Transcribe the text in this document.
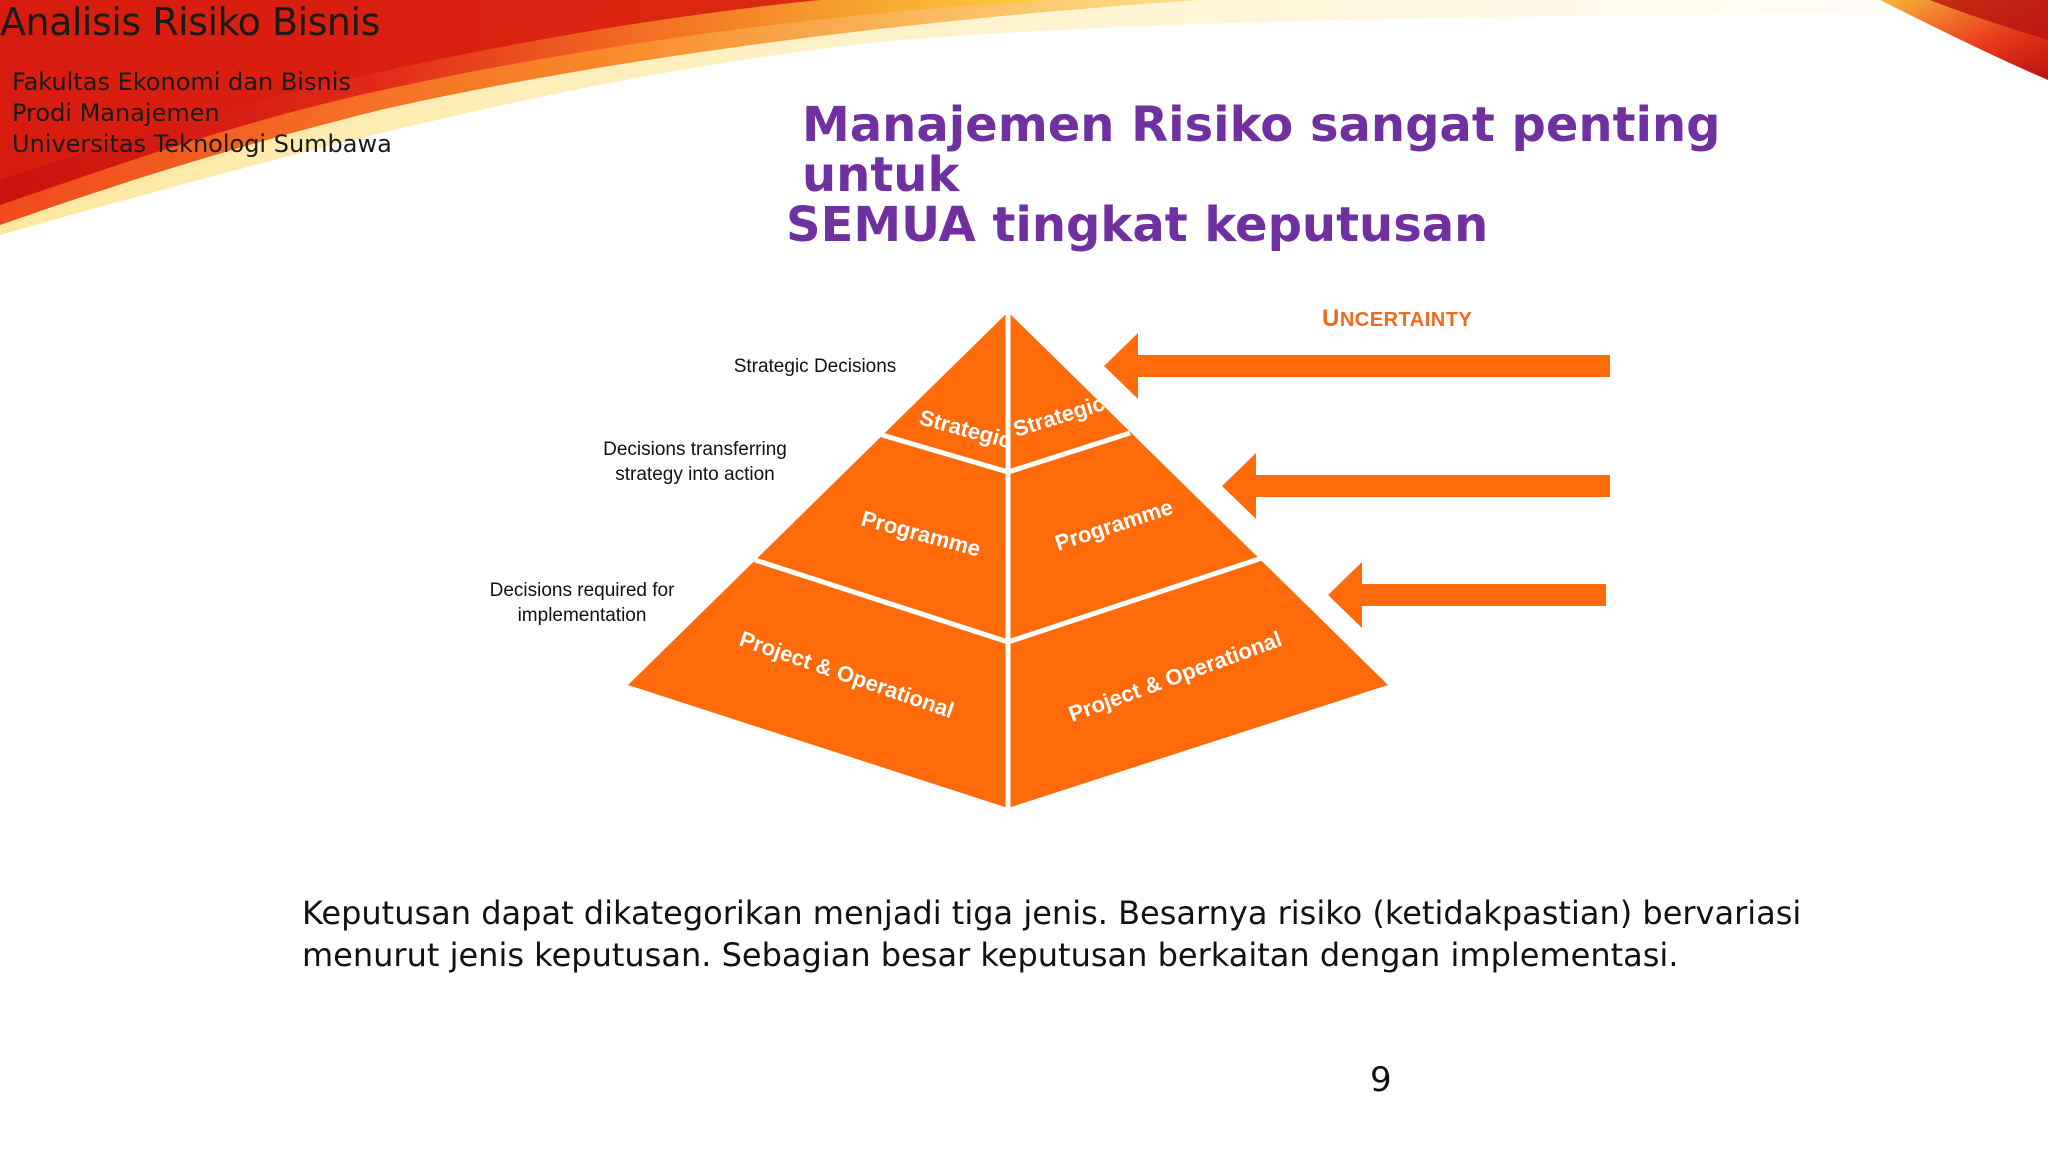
Analisis Risiko Bisnis
Fakultas Ekonomi dan Bisnis
Prodi Manajemen
Universitas Teknologi Sumbawa	Manajemen Risiko sangat penting untuk
SEMUA tingkat keputusan
Strategic
Strategic
Programme	Programme
Project & Operational	Project & Operational
Strategic Decisions
Decisions transferring
strategy into action
Decisions required for
implementation
UNCERTAINTY
Keputusan dapat dikategorikan menjadi tiga jenis. Besarnya risiko (ketidakpastian) bervariasi menurut jenis keputusan. Sebagian besar keputusan berkaitan dengan implementasi.
9
